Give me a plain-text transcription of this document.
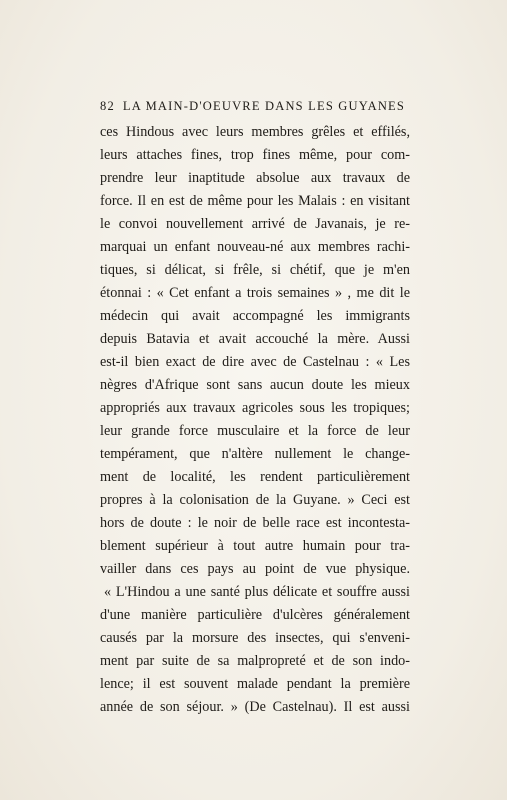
82 LA MAIN-D'OEUVRE DANS LES GUYANES
ces Hindous avec leurs membres grêles et effilés,
leurs attaches fines, trop fines même, pour com-
prendre leur inaptitude absolue aux travaux de
force. Il en est de même pour les Malais : en visitant
le convoi nouvellement arrivé de Javanais, je re-
marquai un enfant nouveau-né aux membres rachi-
tiques, si délicat, si frêle, si chétif, que je m'en
étonnai : « Cet enfant a trois semaines » , me dit le
médecin qui avait accompagné les immigrants
depuis Batavia et avait accouché la mère. Aussi
est-il bien exact de dire avec de Castelnau : « Les
nègres d'Afrique sont sans aucun doute les mieux
appropriés aux travaux agricoles sous les tropiques;
leur grande force musculaire et la force de leur
tempérament, que n'altère nullement le change-
ment de localité, les rendent particulièrement
propres à la colonisation de la Guyane. » Ceci est
hors de doute : le noir de belle race est incontesta-
blement supérieur à tout autre humain pour tra-
vailler dans ces pays au point de vue physique.
« L'Hindou a une santé plus délicate et souffre aussi
d'une manière particulière d'ulcères généralement
causés par la morsure des insectes, qui s'enveni-
ment par suite de sa malpropreté et de son indo-
lence; il est souvent malade pendant la première
année de son séjour. » (De Castelnau). Il est aussi
